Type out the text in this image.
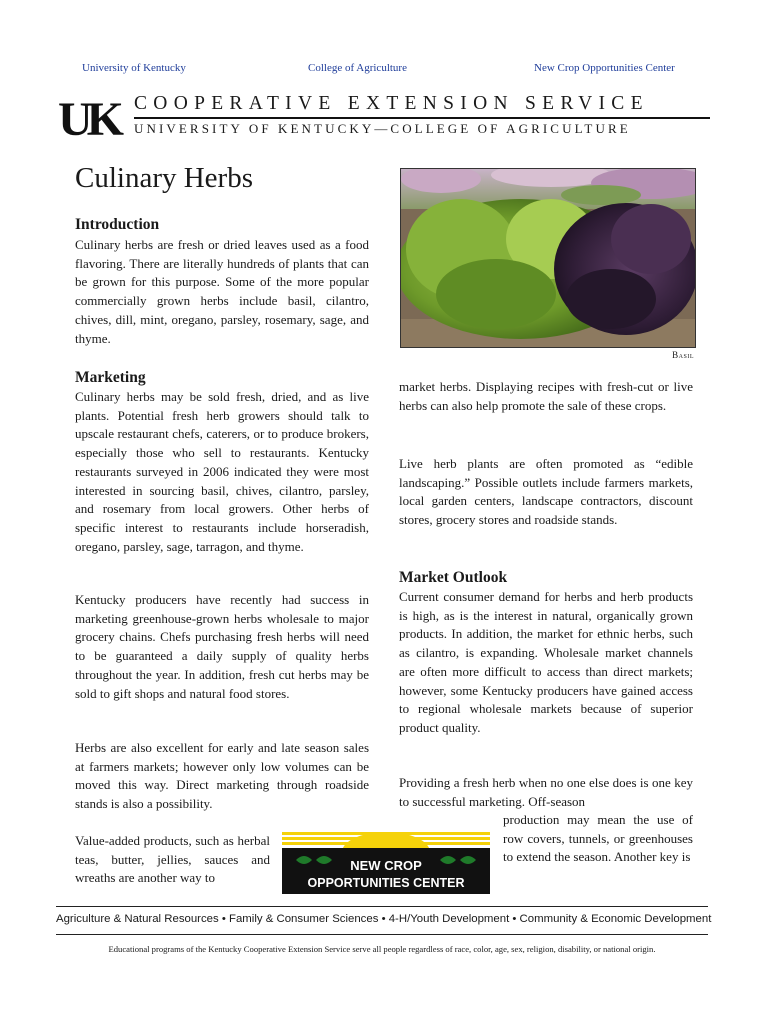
University of Kentucky	College of Agriculture	New Crop Opportunities Center
UK COOPERATIVE EXTENSION SERVICE
UNIVERSITY OF KENTUCKY—COLLEGE OF AGRICULTURE
Culinary Herbs
Introduction

Culinary herbs are fresh or dried leaves used as a food flavoring. There are literally hundreds of plants that can be grown for this purpose. Some of the more popular commercially grown herbs include basil, cilantro, chives, dill, mint, oregano, parsley, rosemary, sage, and thyme.

Basil
Marketing

Culinary herbs may be sold fresh, dried, and as live plants. Potential fresh herb growers should talk to upscale restaurant chefs, caterers, or to produce brokers, especially those who sell to restaurants. Kentucky restaurants surveyed in 2006 indicated they were most interested in sourcing basil, chives, cilantro, parsley, and rosemary from local growers. Other herbs of specific interest to restaurants include horseradish, oregano, parsley, sage, tarragon, and thyme.

Kentucky producers have recently had success in marketing greenhouse-grown herbs wholesale to major grocery chains. Chefs purchasing fresh herbs will need to be guaranteed a daily supply of quality herbs throughout the year. In addition, fresh cut herbs may be sold to gift shops and natural food stores.

Herbs are also excellent for early and late season sales at farmers markets; however only low volumes can be moved this way. Direct marketing through roadside stands is also a possibility.

Value-added products, such as herbal teas, butter, jellies, sauces and wreaths are another way to

NEW CROP
OPPORTUNITIES CENTER

market herbs. Displaying recipes with fresh-cut or live herbs can also help promote the sale of these crops.

Live herb plants are often promoted as “edible landscaping.” Possible outlets include farmers markets, local garden centers, landscape contractors, discount stores, grocery stores and roadside stands.

Market Outlook

Current consumer demand for herbs and herb products is high, as is the interest in natural, organically grown products. In addition, the market for ethnic herbs, such as cilantro, is expanding. Wholesale market channels are often more difficult to access than direct markets; however, some Kentucky producers have gained access to regional wholesale markets because of superior product quality.

Providing a fresh herb when no one else does is one key to successful marketing. Off-season

production may mean the use of row covers, tunnels, or greenhouses to extend the season. Another key is

Agriculture & Natural Resources • Family & Consumer Sciences • 4-H/Youth Development • Community & Economic Development
Educational programs of the Kentucky Cooperative Extension Service serve all people regardless of race, color, age, sex, religion, disability, or national origin.
